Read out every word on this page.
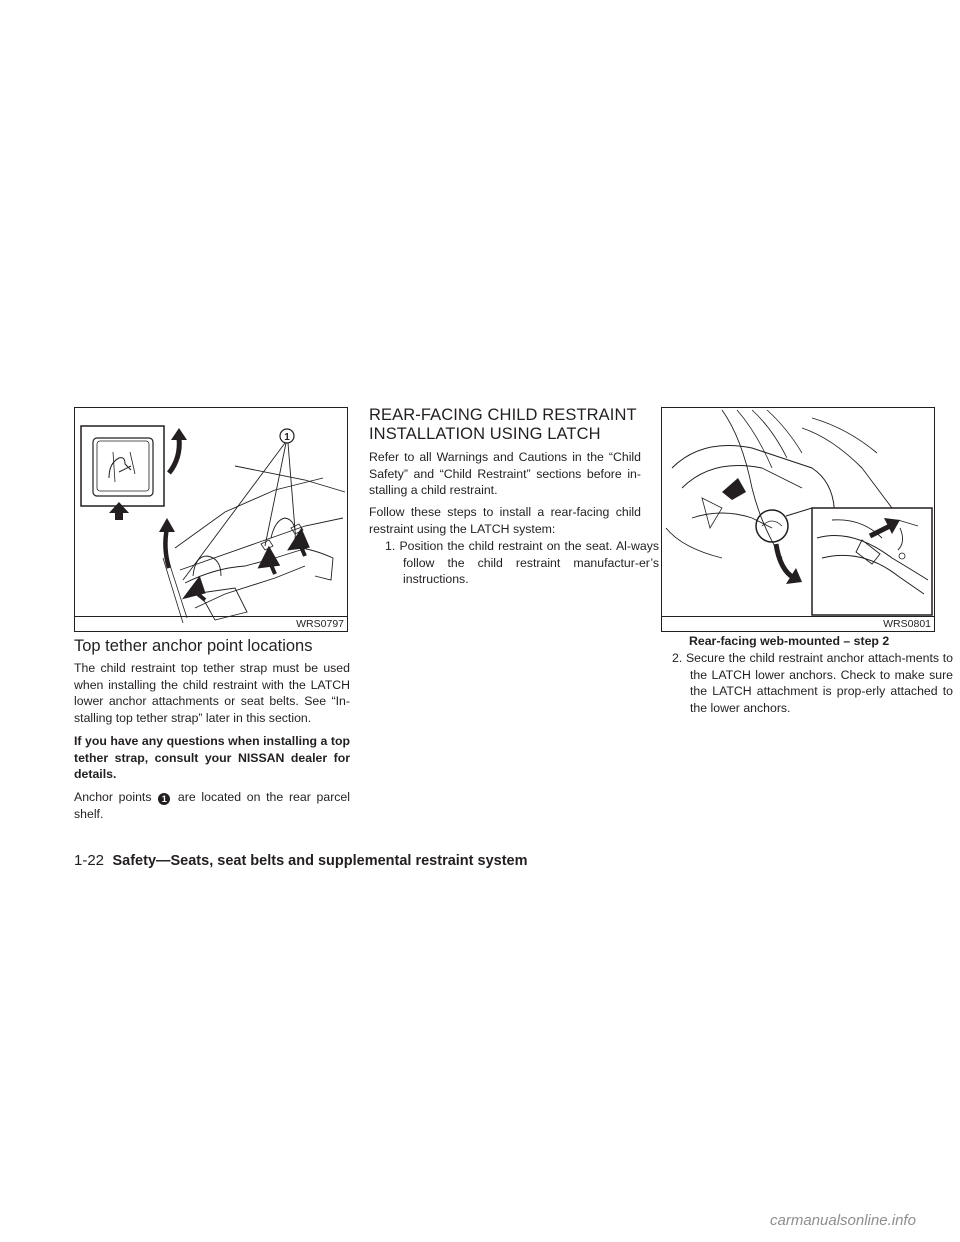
1
WRS0797
Top tether anchor point locations

The child restraint top tether strap must be used when installing the child restraint with the LATCH lower anchor attachments or seat belts. See “In-stalling top tether strap” later in this section.

If you have any questions when installing a top tether strap, consult your NISSAN dealer for details.

Anchor points 1 are located on the rear parcel shelf.

REAR-FACING CHILD RESTRAINT
INSTALLATION USING LATCH

Refer to all Warnings and Cautions in the “Child Safety” and “Child Restraint” sections before in-stalling a child restraint.

Follow these steps to install a rear-facing child restraint using the LATCH system:

1. Position the child restraint on the seat. Al-ways follow the child restraint manufactur-er’s instructions.
WRS0801
Rear-facing web-mounted – step 2
2. Secure the child restraint anchor attach-ments to the LATCH lower anchors. Check to make sure the LATCH attachment is prop-erly attached to the lower anchors.
1-22 Safety—Seats, seat belts and supplemental restraint system
carmanualsonline.info
